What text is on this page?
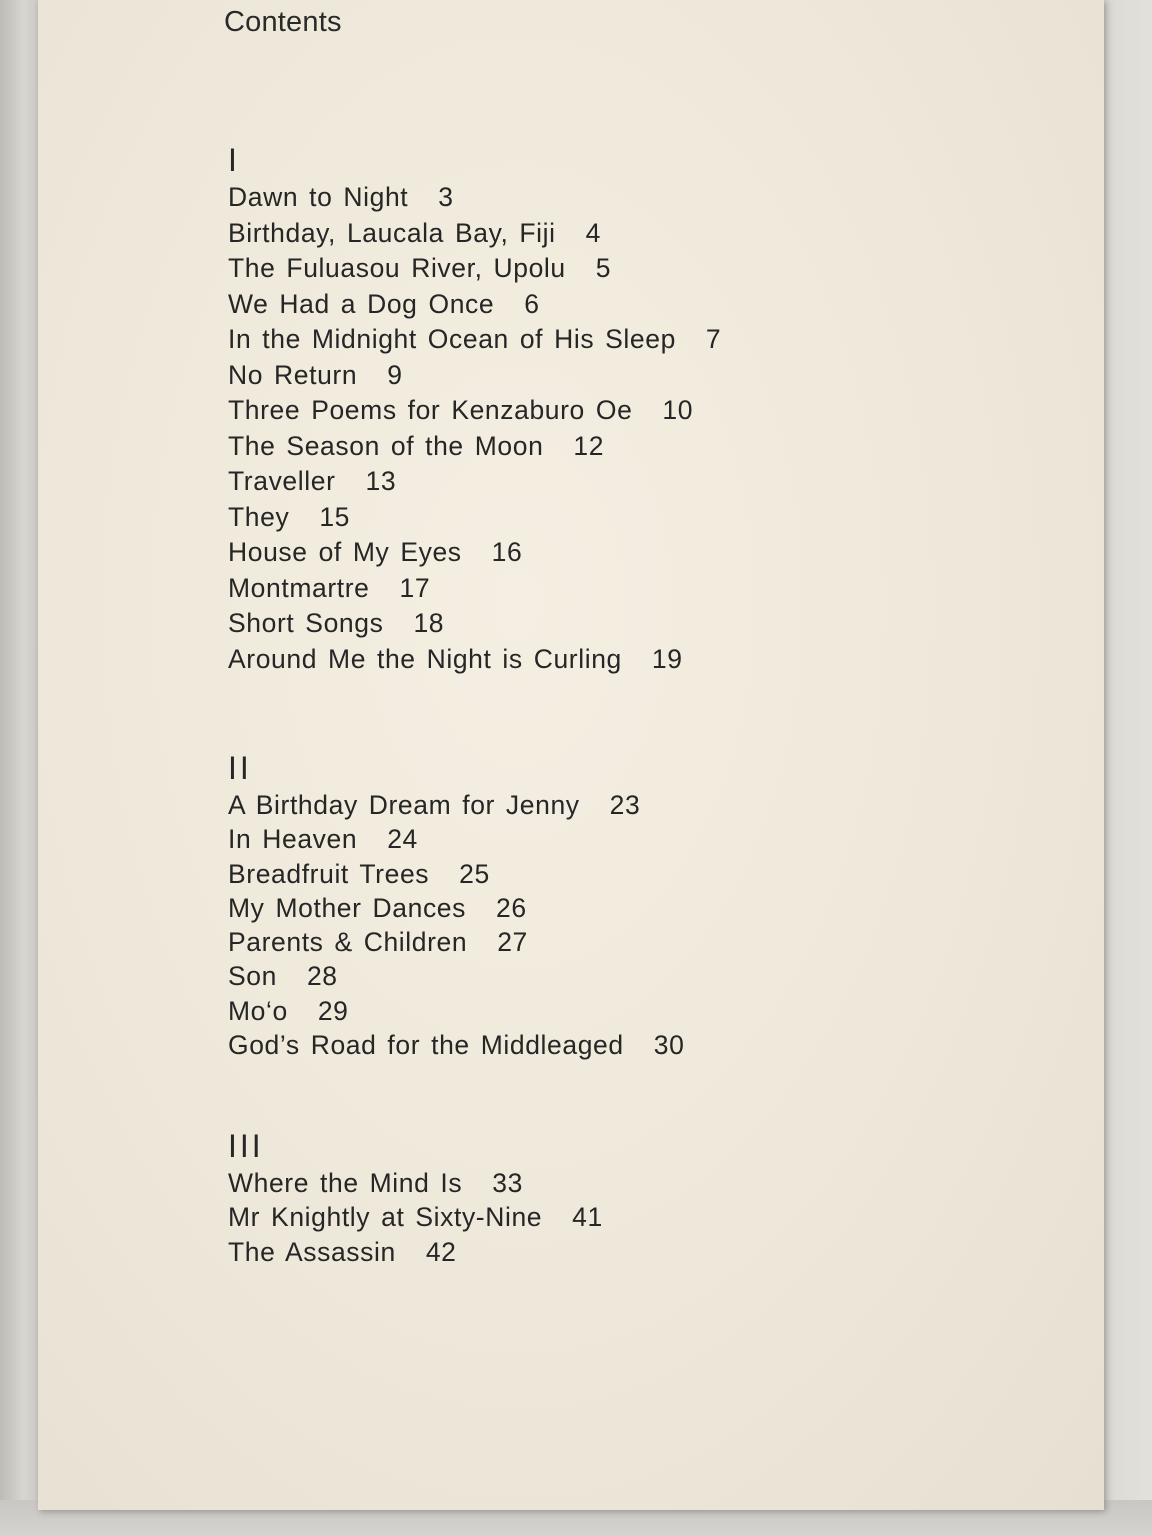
Contents
I
Dawn to Night 3
Birthday, Laucala Bay, Fiji 4
The Fuluasou River, Upolu 5
We Had a Dog Once 6
In the Midnight Ocean of His Sleep 7
No Return 9
Three Poems for Kenzaburo Oe 10
The Season of the Moon 12
Traveller 13
They 15
House of My Eyes 16
Montmartre 17
Short Songs 18
Around Me the Night is Curling 19
II
A Birthday Dream for Jenny 23
In Heaven 24
Breadfruit Trees 25
My Mother Dances 26
Parents & Children 27
Son 28
Mo‘o 29
God’s Road for the Middleaged 30
III
Where the Mind Is 33
Mr Knightly at Sixty-Nine 41
The Assassin 42
